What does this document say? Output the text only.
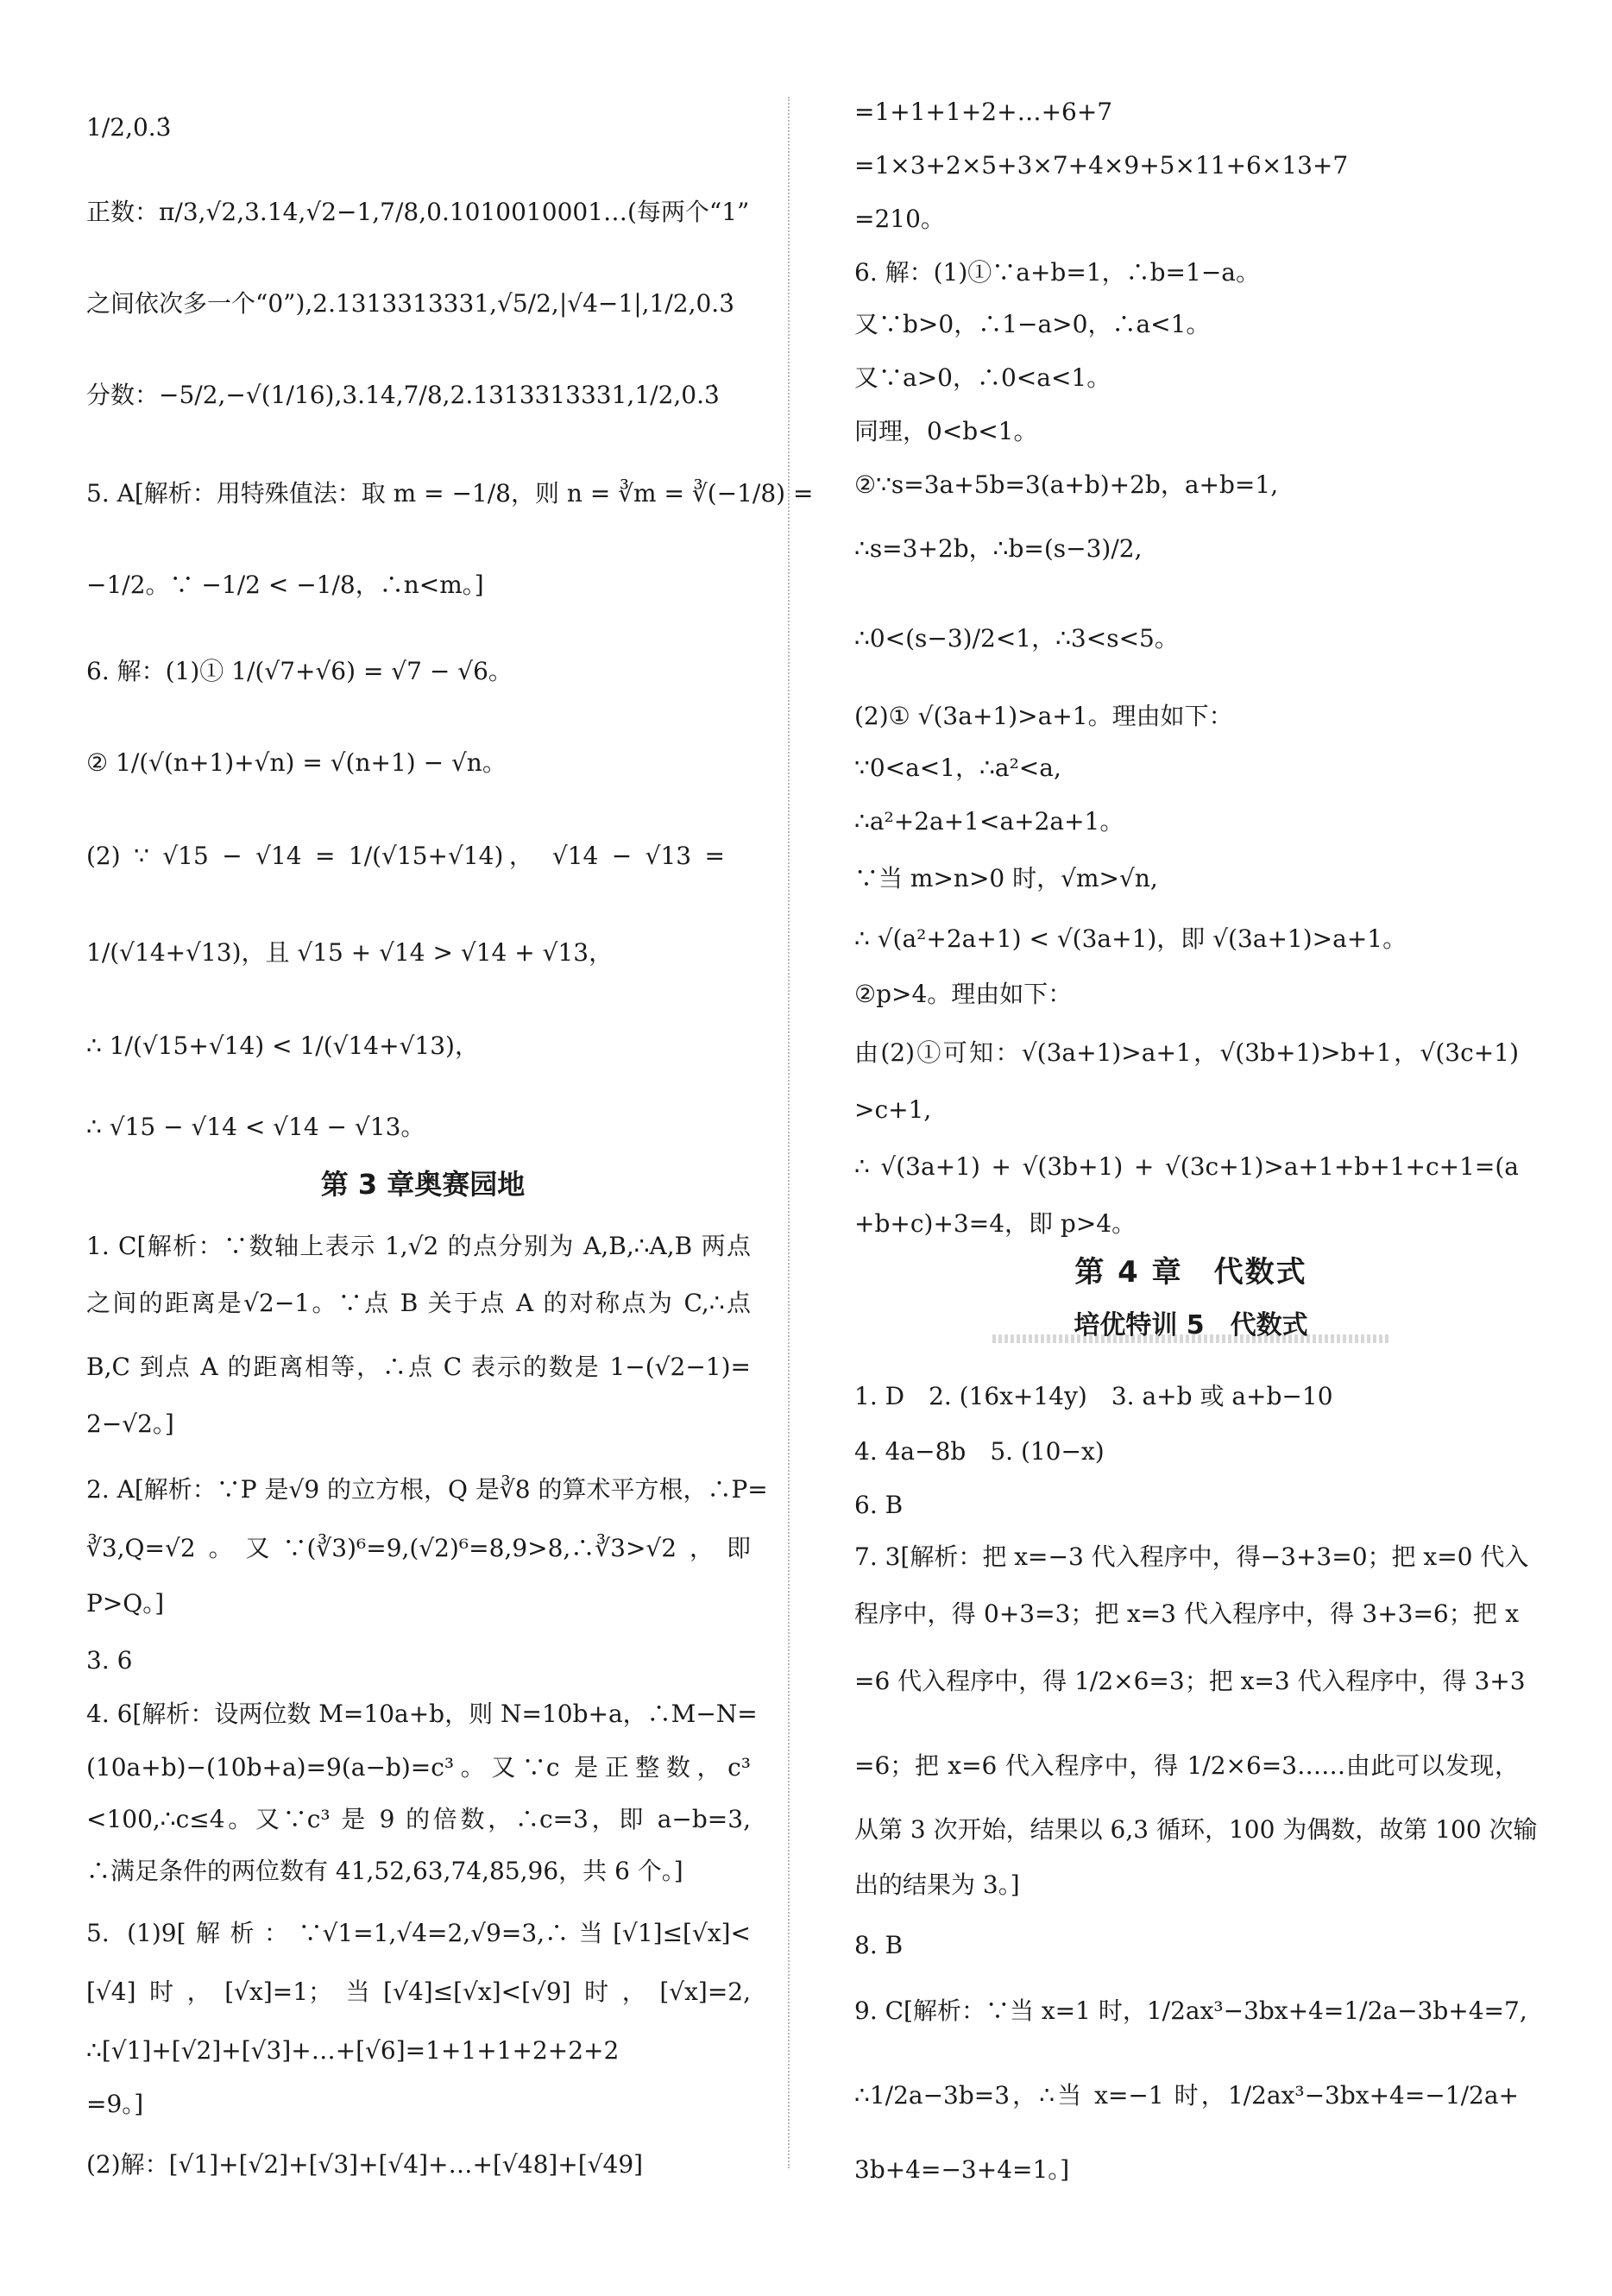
1/2,0.3̇
正数：π/3,√2,3.14,√2−1,7/8,0.1010010001…(每两个“1”
之间依次多一个“0”),2.1313313331,√5/2,|√4−1|,1/2,0.3̇
分数：−5/2,−√(1/16),3.14,7/8,2.1313313331,1/2,0.3̇
5. A[解析：用特殊值法：取 m = −1/8，则 n = ∛m = ∛(−1/8) =
−1/2。∵ −1/2 < −1/8，∴n<m。]
6. 解：(1)① 1/(√7+√6) = √7 − √6。
② 1/(√(n+1)+√n) = √(n+1) − √n。
(2) ∵ √15 − √14 = 1/(√15+√14)， √14 − √13 =
1/(√14+√13)，且 √15 + √14 > √14 + √13，
∴ 1/(√15+√14) < 1/(√14+√13)，
∴ √15 − √14 < √14 − √13。
第 3 章奥赛园地
1. C[解析：∵数轴上表示 1,√2 的点分别为 A,B,∴A,B 两点
之间的距离是√2−1。∵点 B 关于点 A 的对称点为 C,∴点
B,C 到点 A 的距离相等，∴点 C 表示的数是 1−(√2−1)=
2−√2。]
2. A[解析：∵P 是√9 的立方根，Q 是∛8 的算术平方根，∴P=
∛3,Q=√2。又∵(∛3)⁶=9,(√2)⁶=8,9>8,∴∛3>√2，即
P>Q。]
3. 6
4. 6[解析：设两位数 M=10a+b，则 N=10b+a，∴M−N=
(10a+b)−(10b+a)=9(a−b)=c³。又∵c 是正整数，c³
<100,∴c≤4。又∵c³ 是 9 的倍数，∴c=3，即 a−b=3,
∴满足条件的两位数有 41,52,63,74,85,96，共 6 个。]
5. (1)9[解析：∵√1=1,√4=2,√9=3,∴当[√1]≤[√x]<
[√4]时，[√x]=1；当[√4]≤[√x]<[√9]时，[√x]=2,
∴[√1]+[√2]+[√3]+…+[√6]=1+1+1+2+2+2
=9。]
(2)解：[√1]+[√2]+[√3]+[√4]+…+[√48]+[√49]
=1+1+1+2+…+6+7
=1×3+2×5+3×7+4×9+5×11+6×13+7
=210。
6. 解：(1)①∵a+b=1，∴b=1−a。
又∵b>0，∴1−a>0，∴a<1。
又∵a>0，∴0<a<1。
同理，0<b<1。
②∵s=3a+5b=3(a+b)+2b，a+b=1,
∴s=3+2b，∴b=(s−3)/2,
∴0<(s−3)/2<1，∴3<s<5。
(2)① √(3a+1)>a+1。理由如下：
∵0<a<1，∴a²<a,
∴a²+2a+1<a+2a+1。
∵当 m>n>0 时，√m>√n,
∴ √(a²+2a+1) < √(3a+1)，即 √(3a+1)>a+1。
②p>4。理由如下：
由(2)①可知：√(3a+1)>a+1，√(3b+1)>b+1，√(3c+1)
>c+1,
∴ √(3a+1) + √(3b+1) + √(3c+1)>a+1+b+1+c+1=(a
+b+c)+3=4，即 p>4。
第 4 章　代数式
培优特训 5　代数式
1. D　2. (16x+14y)　3. a+b 或 a+b−10
4. 4a−8b　5. (10−x)
6. B
7. 3[解析：把 x=−3 代入程序中，得−3+3=0；把 x=0 代入
程序中，得 0+3=3；把 x=3 代入程序中，得 3+3=6；把 x
=6 代入程序中，得 1/2×6=3；把 x=3 代入程序中，得 3+3
=6；把 x=6 代入程序中，得 1/2×6=3……由此可以发现，
从第 3 次开始，结果以 6,3 循环，100 为偶数，故第 100 次输
出的结果为 3。]
8. B
9. C[解析：∵当 x=1 时，1/2ax³−3bx+4=1/2a−3b+4=7,
∴1/2a−3b=3，∴当 x=−1 时，1/2ax³−3bx+4=−1/2a+
3b+4=−3+4=1。]
